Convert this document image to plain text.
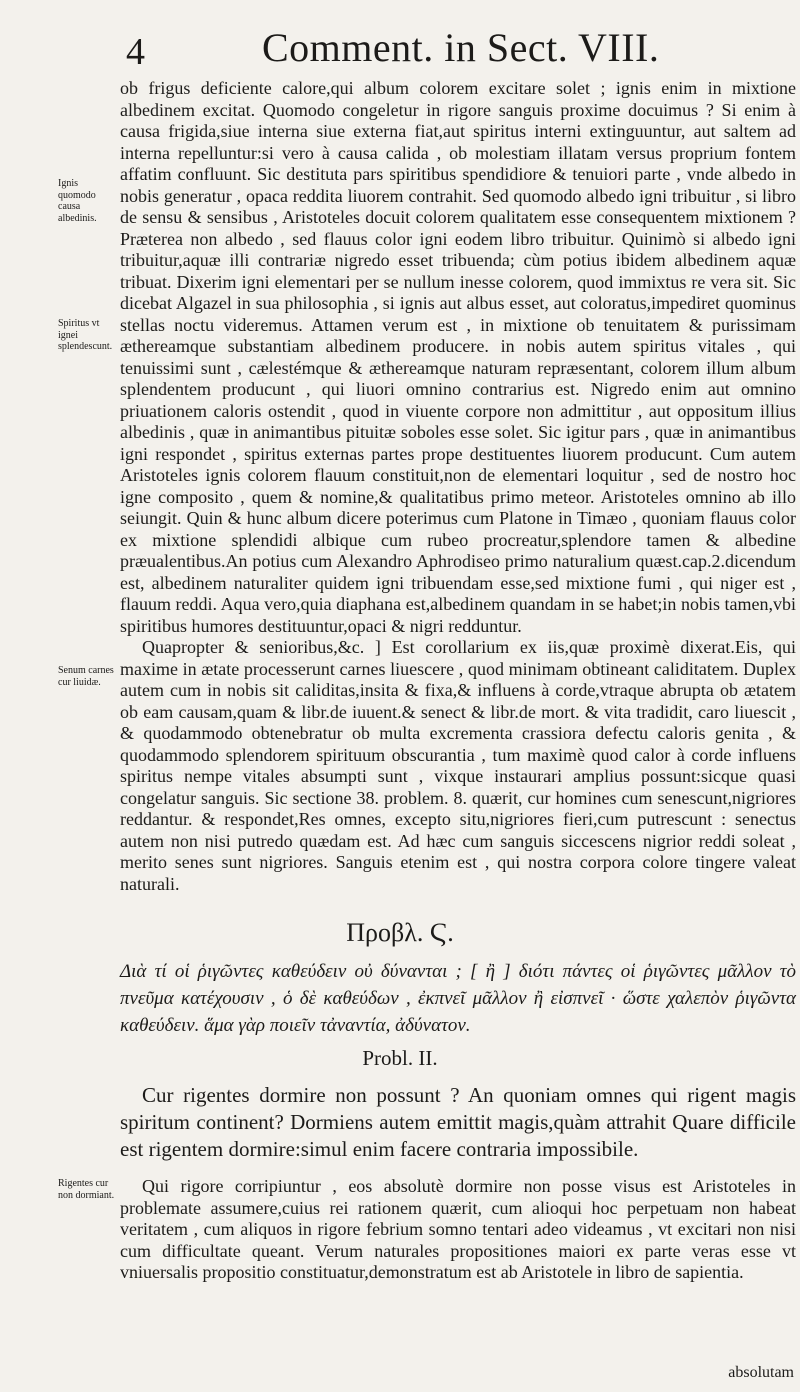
4	Comment. in Sect. VIII.

ob frigus deficiente calore,qui album colorem excitare solet ; ignis enim in mixtione albedinem excitat. Quomodo congeletur in rigore sanguis proxime docuimus ? Si enim à causa frigida,siue interna siue externa fiat,aut spiritus interni extinguuntur, aut saltem ad interna repelluntur:si vero à causa calida , ob molestiam illatam versus proprium fontem affatim confluunt. Sic destituta pars spiritibus spendidiore & tenuiori parte , vnde albedo in nobis generatur , opaca reddita liuorem contrahit. Sed quomodo albedo igni tribuitur , si libro de sensu & sensibus , Aristoteles docuit colorem qualitatem esse consequentem mixtionem ? Præterea non albedo , sed flauus color igni eodem libro tribuitur. Quinimò si albedo igni tribuitur,aquæ illi contrariæ nigredo esset tribuenda; cùm potius ibidem albedinem aquæ tribuat. Dixerim igni elementari per se nullum inesse colorem, quod immixtus re vera sit. Sic dicebat Algazel in sua philosophia , si ignis aut albus esset, aut coloratus,impediret quominus stellas noctu videremus. Attamen verum est , in mixtione ob tenuitatem & purissimam æthereamque substantiam albedinem producere. in nobis autem spiritus vitales , qui tenuissimi sunt , cælestémque & æthereamque naturam repræsentant, colorem illum album splendentem producunt , qui liuori omnino contrarius est. Nigredo enim aut omnino priuationem caloris ostendit , quod in viuente corpore non admittitur , aut oppositum illius albedinis , quæ in animantibus pituitæ soboles esse solet. Sic igitur pars , quæ in animantibus igni respondet , spiritus externas partes prope destituentes liuorem producunt. Cum autem Aristoteles ignis colorem flauum constituit,non de elementari loquitur , sed de nostro hoc igne composito , quem & nomine,& qualitatibus primo meteor. Aristoteles omnino ab illo seiungit. Quin & hunc album dicere poterimus cum Platone in Timæo , quoniam flauus color ex mixtione splendidi albique cum rubeo procreatur,splendore tamen & albedine præualentibus.An potius cum Alexandro Aphrodiseo primo naturalium quæst.cap.2.dicendum est, albedinem naturaliter quidem igni tribuendam esse,sed mixtione fumi , qui niger est , flauum reddi. Aqua vero,quia diaphana est,albedinem quandam in se habet;in nobis tamen,vbi spiritibus humores destituuntur,opaci & nigri redduntur.

Quapropter & senioribus,&c. ] Est corollarium ex iis,quæ proximè dixerat.Eis, qui maxime in ætate processerunt carnes liuescere , quod minimam obtineant caliditatem. Duplex autem cum in nobis sit caliditas,insita & fixa,& influens à corde,vtraque abrupta ob ætatem ob eam causam,quam & libr.de iuuent.& senect & libr.de mort. & vita tradidit, caro liuescit , & quodammodo obtenebratur ob multa excrementa crassiora defectu caloris genita , & quodammodo splendorem spirituum obscurantia , tum maximè quod calor à corde influens spiritus nempe vitales absumpti sunt , vixque instaurari amplius possunt:sicque quasi congelatur sanguis. Sic sectione 38. problem. 8. quærit, cur homines cum senescunt,nigriores reddantur. & respondet,Res omnes, excepto situ,nigriores fieri,cum putrescunt : senectus autem non nisi putredo quædam est. Ad hæc cum sanguis siccescens nigrior reddi soleat , merito senes sunt nigriores. Sanguis etenim est , qui nostra corpora colore tingere valeat naturali.

Ignis quomodo causa albedinis.
Spiritus vt ignei splendescunt.
Senum carnes cur liuidæ.
Rigentes cur non dormiant.
Προβλ. Ϛ.

Διὰ τί οἱ ῥιγῶντες καθεύδειν οὐ δύνανται ; [ ἢ ] διότι πάντες οἱ ῥιγῶντες μᾶλλον τὸ πνεῦμα κατέχουσιν , ὁ δὲ καθεύδων , ἐκπνεῖ μᾶλλον ἢ εἰσπνεῖ · ὥστε χαλεπὸν ῥιγῶντα καθεύδειν. ἅμα γὰρ ποιεῖν τἀναντία, ἀδύνατον.

Probl. II.

Cur rigentes dormire non possunt ? An quoniam omnes qui rigent magis spiritum continent? Dormiens autem emittit magis,quàm attrahit Quare difficile est rigentem dormire:simul enim facere contraria impossibile.

Qui rigore corripiuntur , eos absolutè dormire non posse visus est Aristoteles in problemate assumere,cuius rei rationem quærit, cum alioqui hoc perpetuam non habeat veritatem , cum aliquos in rigore febrium somno tentari adeo videamus , vt excitari non nisi cum difficultate queant. Verum naturales propositiones maiori ex parte veras esse vt vniuersalis propositio constituatur,demonstratum est ab Aristotele in libro de sapientia.

absolutam
